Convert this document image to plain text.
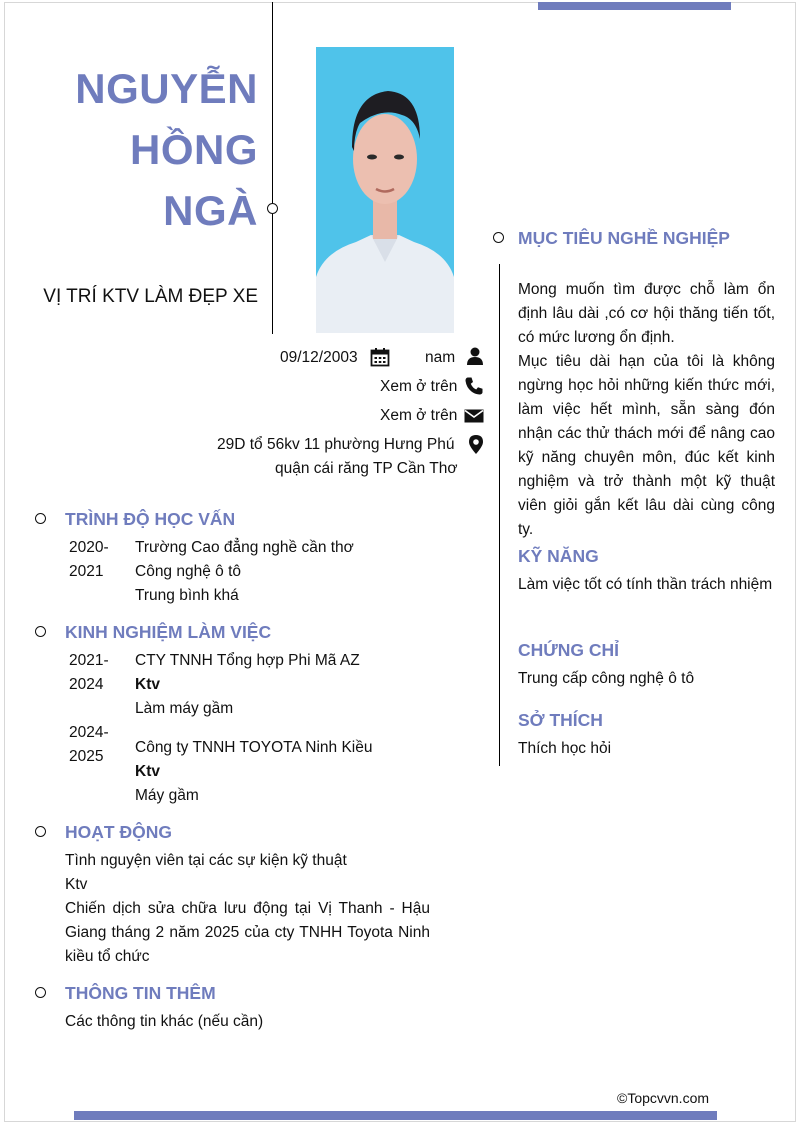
NGUYỄN
HỒNG
NGÀ
VỊ TRÍ KTV LÀM ĐẸP XE
09/12/2003	nam
Xem ở trên
Xem ở trên
29D tổ 56kv 11 phường Hưng Phú
quận cái răng TP Cần Thơ
TRÌNH ĐỘ HỌC VẤN
2020-
2021
Trường Cao đẳng nghề cần thơ
Công nghệ ô tô
Trung bình khá
KINH NGHIỆM LÀM VIỆC
2021-
2024
CTY TNNH Tổng hợp Phi Mã AZ
Ktv
Làm máy gầm
2024-
2025
Công ty TNNH TOYOTA Ninh Kiều
Ktv
Máy gầm
HOẠT ĐỘNG
Tình nguyện viên tại các sự kiện kỹ thuật
Ktv
Chiến dịch sửa chữa lưu động tại Vị Thanh - Hậu Giang tháng 2 năm 2025 của cty TNHH Toyota Ninh kiều tổ chức
THÔNG TIN THÊM
Các thông tin khác (nếu cần)
MỤC TIÊU NGHỀ NGHIỆP
Mong muốn tìm được chỗ làm ổn định lâu dài ,có cơ hội thăng tiến tốt, có mức lương ổn định.
Mục tiêu dài hạn của tôi là không ngừng học hỏi những kiến thức mới, làm việc hết mình, sẵn sàng đón nhận các thử thách mới để nâng cao kỹ năng chuyên môn, đúc kết kinh nghiệm và trở thành một kỹ thuật viên giỏi gắn kết lâu dài cùng công ty.
KỸ NĂNG
Làm việc tốt có tính thần trách nhiệm
CHỨNG CHỈ
Trung cấp công nghệ ô tô
SỞ THÍCH
Thích học hỏi
©Topcvvn.com
